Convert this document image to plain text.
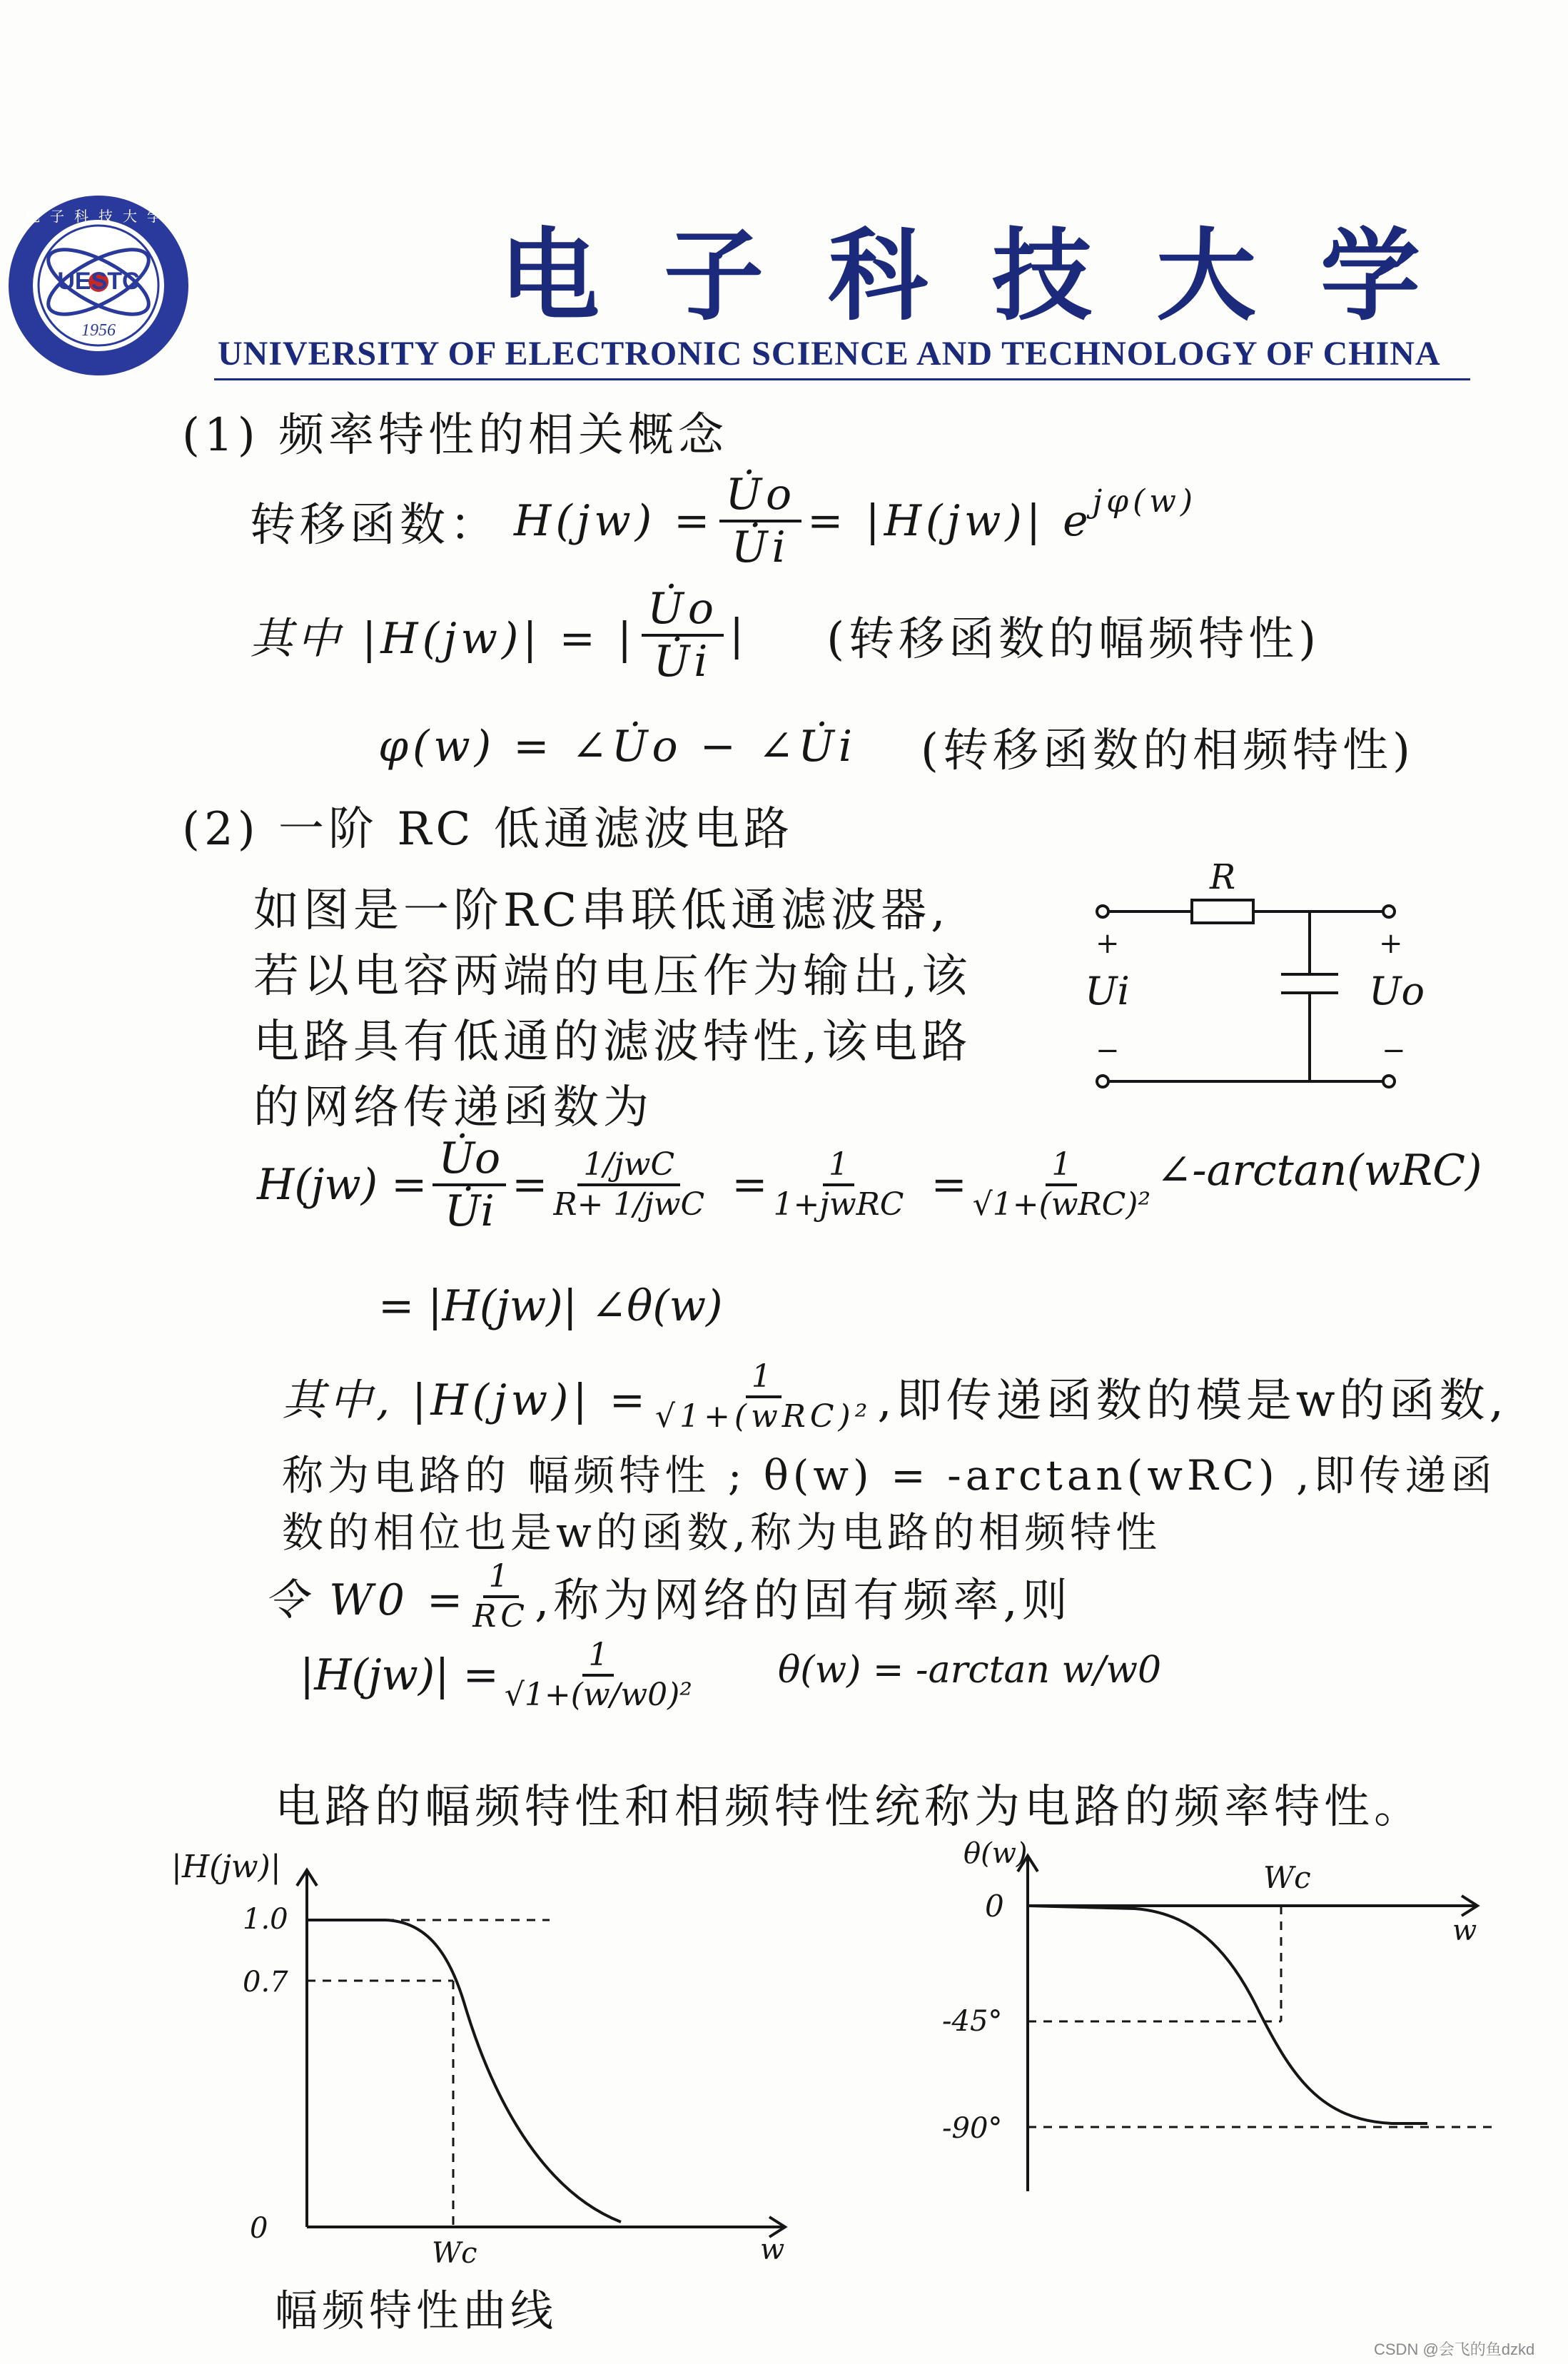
UESTC
1956
电子科技大学
电子科技大学
UNIVERSITY OF ELECTRONIC SCIENCE AND TECHNOLOGY OF CHINA
(1) 频率特性的相关概念
转移函数： $H(jw) = \frac{U̇o}{U̇i} = |H(jw)|$ $e^{j\varphi(w)}$
其中 |H(jw)| = | $\frac{U̇o}{U̇i}$ | (转移函数的幅频特性)
φ(w) = ∠U̇o − ∠U̇i (转移函数的相频特性)
(2) 一阶 RC 低通滤波电路
如图是一阶RC串联低通滤波器,
若以电容两端的电压作为输出,该
电路具有低通的滤波特性,该电路
的网络传递函数为
R
+
Ui
−
+
Uo
−
$H(jw) = \frac{U̇o}{U̇i} = \frac{\text{1/jwC}}{\text{R+ 1/jwC}} = \frac{1}{\text{1+jwRC}} = \frac{1}{\text{√1+(wRC)²}}$ ∠-arctan(wRC)
= |H(jw)| ∠θ(w)
其中, $|H(jw)| = \frac{1}{\text{√1+(wRC)²}}$ ,即传递函数的模是w的函数,
称为电路的 幅频特性 ; θ(w) = -arctan(wRC) ,即传递函
数的相位也是w的函数,称为电路的相频特性
令 $W0 = \frac{1}{RC}$ ,称为网络的固有频率,则
$|H(jw)| = \frac{1}{\text{√1+(w/w0)²}} \theta(w) = -\arctan$ w/w0
电路的幅频特性和相频特性统称为电路的频率特性。
|H(jw)|
1.0
0.7
0
Wc	w
幅频特性曲线
θ(w)
0
-45°
-90°
Wc
w
CSDN @会飞的鱼dzkd
